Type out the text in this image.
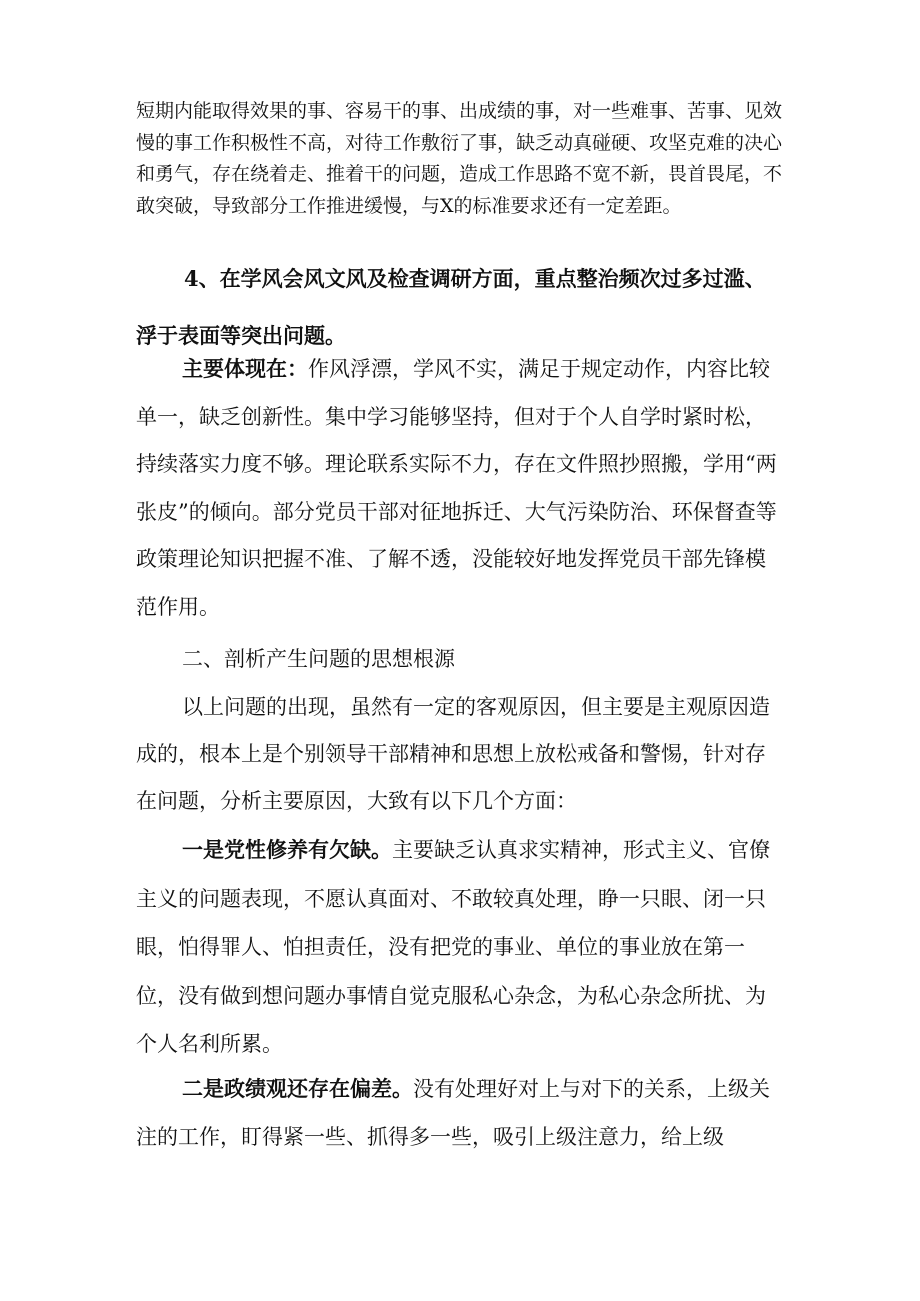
短期内能取得效果的事、容易干的事、出成绩的事，对一些难事、苦事、见效慢的事工作积极性不高，对待工作敷衍了事，缺乏动真碰硬、攻坚克难的决心和勇气，存在绕着走、推着干的问题，造成工作思路不宽不新，畏首畏尾，不敢突破，导致部分工作推进缓慢，与X的标准要求还有一定差距。

4、在学风会风文风及检查调研方面，重点整治频次过多过滥、浮于表面等突出问题。

主要体现在：作风浮漂，学风不实，满足于规定动作，内容比较单一，缺乏创新性。集中学习能够坚持，但对于个人自学时紧时松，持续落实力度不够。理论联系实际不力，存在文件照抄照搬，学用“两张皮”的倾向。部分党员干部对征地拆迁、大气污染防治、环保督查等政策理论知识把握不准、了解不透，没能较好地发挥党员干部先锋模范作用。

二、剖析产生问题的思想根源

以上问题的出现，虽然有一定的客观原因，但主要是主观原因造成的，根本上是个别领导干部精神和思想上放松戒备和警惕，针对存在问题，分析主要原因，大致有以下几个方面：

一是党性修养有欠缺。主要缺乏认真求实精神，形式主义、官僚主义的问题表现，不愿认真面对、不敢较真处理，睁一只眼、闭一只眼，怕得罪人、怕担责任，没有把党的事业、单位的事业放在第一位，没有做到想问题办事情自觉克服私心杂念，为私心杂念所扰、为个人名利所累。

二是政绩观还存在偏差。没有处理好对上与对下的关系，上级关注的工作，盯得紧一些、抓得多一些，吸引上级注意力，给上级
